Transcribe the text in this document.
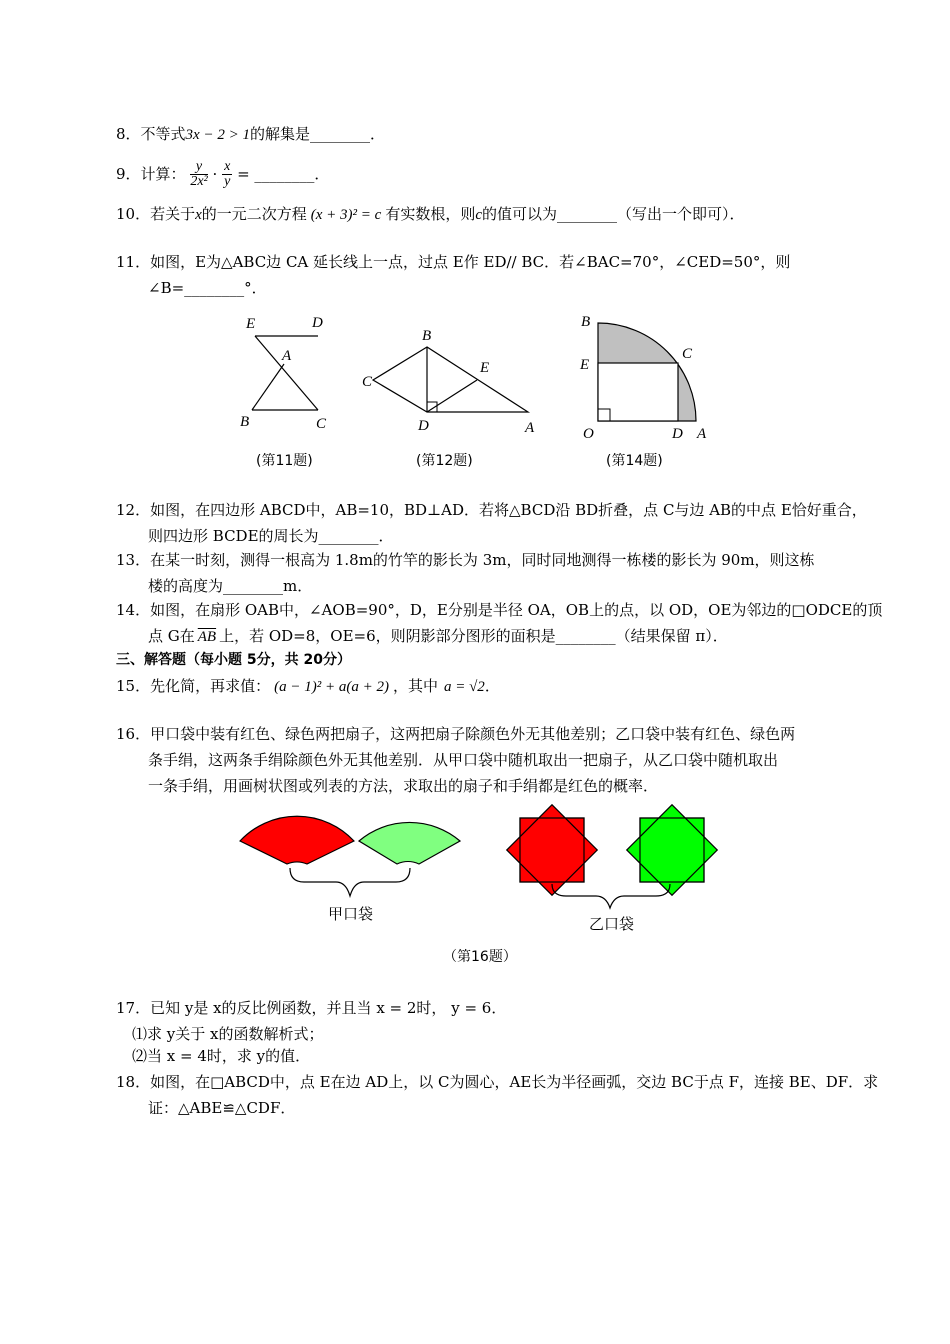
8．不等式3x − 2 > 1的解集是________．
9．计算： $\frac{y}{\text{2x²}} \cdot \frac{x}{y}$ = ________．
10．若关于x的一元二次方程 (x + 3)² = c 有实数根，则c的值可以为________（写出一个即可）．
11．如图，E为△ABC边 CA 延长线上一点，过点 E作 ED// BC．若∠BAC=70°，∠CED=50°，则
∠B=________°．
E	D
A
B	C
(第11题)
B
C
E
D	A
(第12题)
B
E
C
O	D A
(第14题)
12．如图，在四边形 ABCD中，AB=10，BD⊥AD．若将△BCD沿 BD折叠，点 C与边 AB的中点 E恰好重合，
则四边形 BCDE的周长为________．
13．在某一时刻，测得一根高为 1.8m的竹竿的影长为 3m，同时同地测得一栋楼的影长为 90m，则这栋
楼的高度为________m．
14．如图，在扇形 OAB中，∠AOB=90°，D，E分别是半径 OA，OB上的点，以 OD，OE为邻边的□ODCE的顶
点 G在 $\overline{AB}$ 上，若 OD=8，OE=6，则阴影部分图形的面积是________（结果保留 π）．
三、解答题（每小题 5分，共 20分）
15．先化简，再求值： (a − 1)² + a(a + 2) ，其中 a = √2．
16．甲口袋中装有红色、绿色两把扇子，这两把扇子除颜色外无其他差别；乙口袋中装有红色、绿色两
条手绢，这两条手绢除颜色外无其他差别．从甲口袋中随机取出一把扇子，从乙口袋中随机取出
一条手绢，用画树状图或列表的方法，求取出的扇子和手绢都是红色的概率．
甲口袋
乙口袋
（第16题）
17．已知 y是 x的反比例函数，并且当 x = 2时， y = 6．
⑴求 y关于 x的函数解析式；
⑵当 x = 4时，求 y的值．
18．如图，在□ABCD中，点 E在边 AD上，以 C为圆心，AE长为半径画弧，交边 BC于点 F，连接 BE、DF．求
证：△ABE≌△CDF．
